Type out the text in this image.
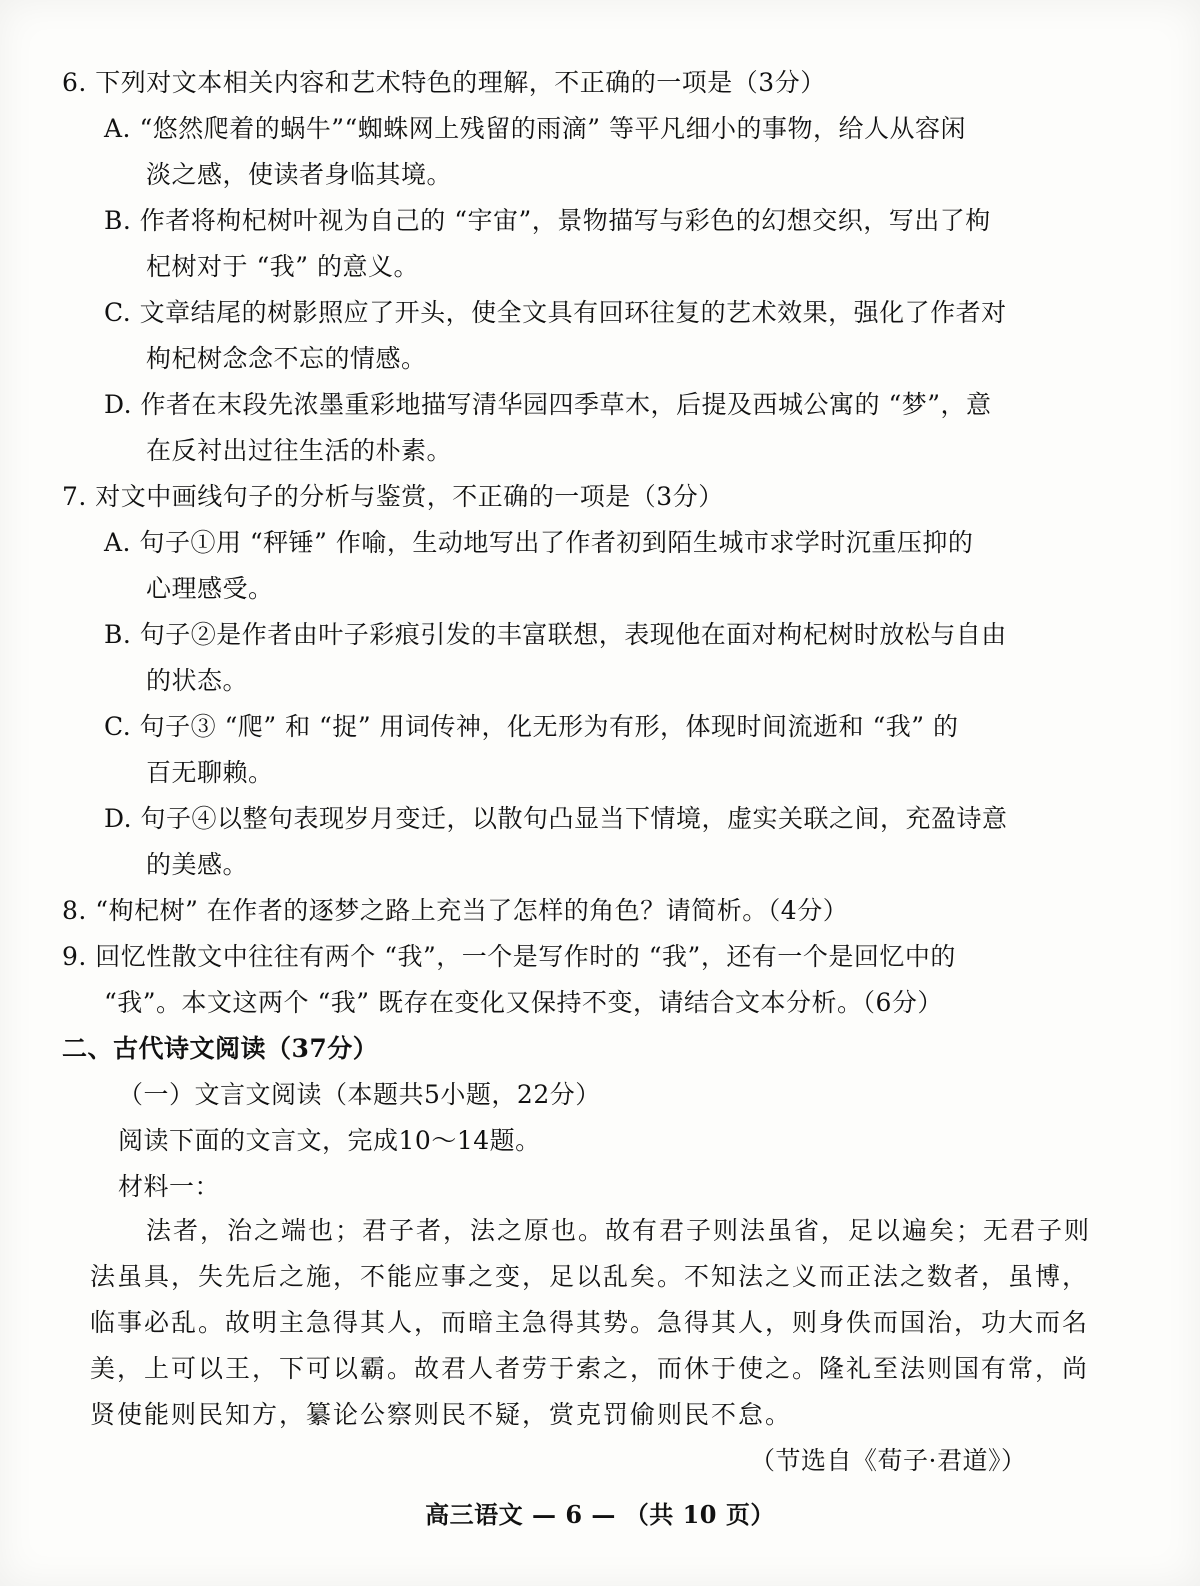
6. 下列对文本相关内容和艺术特色的理解，不正确的一项是（3分）
A. “悠然爬着的蜗牛”“蜘蛛网上残留的雨滴” 等平凡细小的事物，给人从容闲
淡之感，使读者身临其境。
B. 作者将枸杞树叶视为自己的 “宇宙”，景物描写与彩色的幻想交织，写出了枸
杞树对于 “我” 的意义。
C. 文章结尾的树影照应了开头，使全文具有回环往复的艺术效果，强化了作者对
枸杞树念念不忘的情感。
D. 作者在末段先浓墨重彩地描写清华园四季草木，后提及西城公寓的 “梦”，意
在反衬出过往生活的朴素。
7. 对文中画线句子的分析与鉴赏，不正确的一项是（3分）
A. 句子①用 “秤锤” 作喻，生动地写出了作者初到陌生城市求学时沉重压抑的
心理感受。
B. 句子②是作者由叶子彩痕引发的丰富联想，表现他在面对枸杞树时放松与自由
的状态。
C. 句子③ “爬” 和 “捉” 用词传神，化无形为有形，体现时间流逝和 “我” 的
百无聊赖。
D. 句子④以整句表现岁月变迁，以散句凸显当下情境，虚实关联之间，充盈诗意
的美感。
8. “枸杞树” 在作者的逐梦之路上充当了怎样的角色？请简析。（4分）
9. 回忆性散文中往往有两个 “我”，一个是写作时的 “我”，还有一个是回忆中的
“我”。本文这两个 “我” 既存在变化又保持不变，请结合文本分析。（6分）
二、古代诗文阅读（37分）
（一）文言文阅读（本题共5小题，22分）
阅读下面的文言文，完成10～14题。
材料一：
法者，治之端也；君子者，法之原也。故有君子则法虽省，足以遍矣；无君子则
法虽具，失先后之施，不能应事之变，足以乱矣。不知法之义而正法之数者，虽博，
临事必乱。故明主急得其人，而暗主急得其势。急得其人，则身佚而国治，功大而名
美，上可以王，下可以霸。故君人者劳于索之，而休于使之。隆礼至法则国有常，尚
贤使能则民知方，纂论公察则民不疑，赏克罚偷则民不怠。
（节选自《荀子·君道》）
高三语文 — 6 — （共 10 页）
